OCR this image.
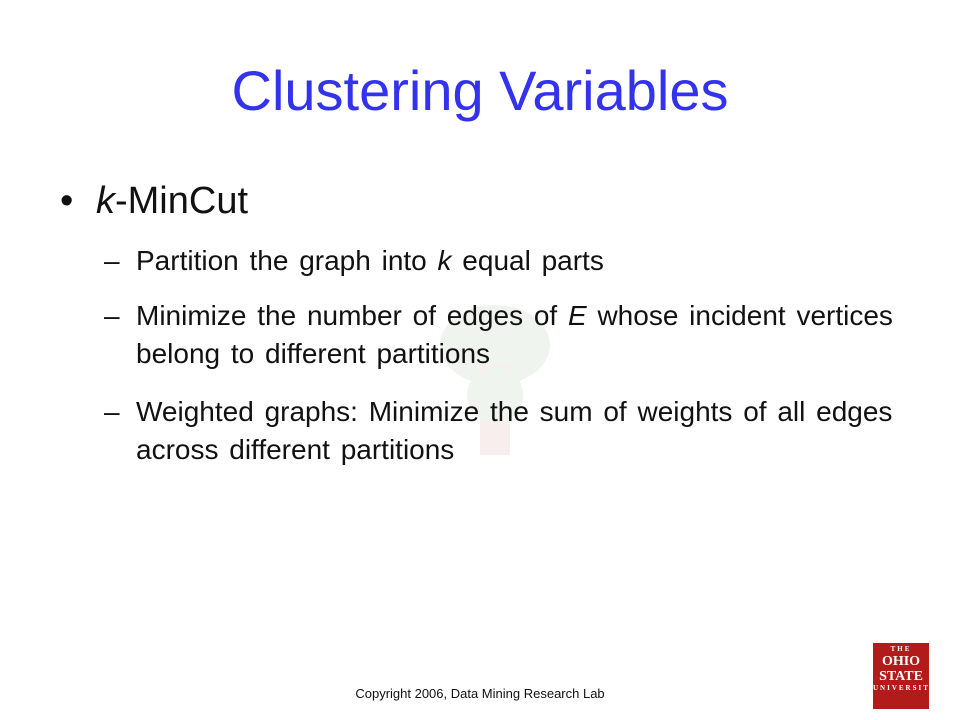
Clustering Variables
• k-MinCut
– Partition the graph into k equal parts
– Minimize the number of edges of E whose incident vertices belong to different partitions
– Weighted graphs: Minimize the sum of weights of all edges across different partitions
Copyright 2006, Data Mining Research Lab
THE
OHIO
STATE
UNIVERSITY
